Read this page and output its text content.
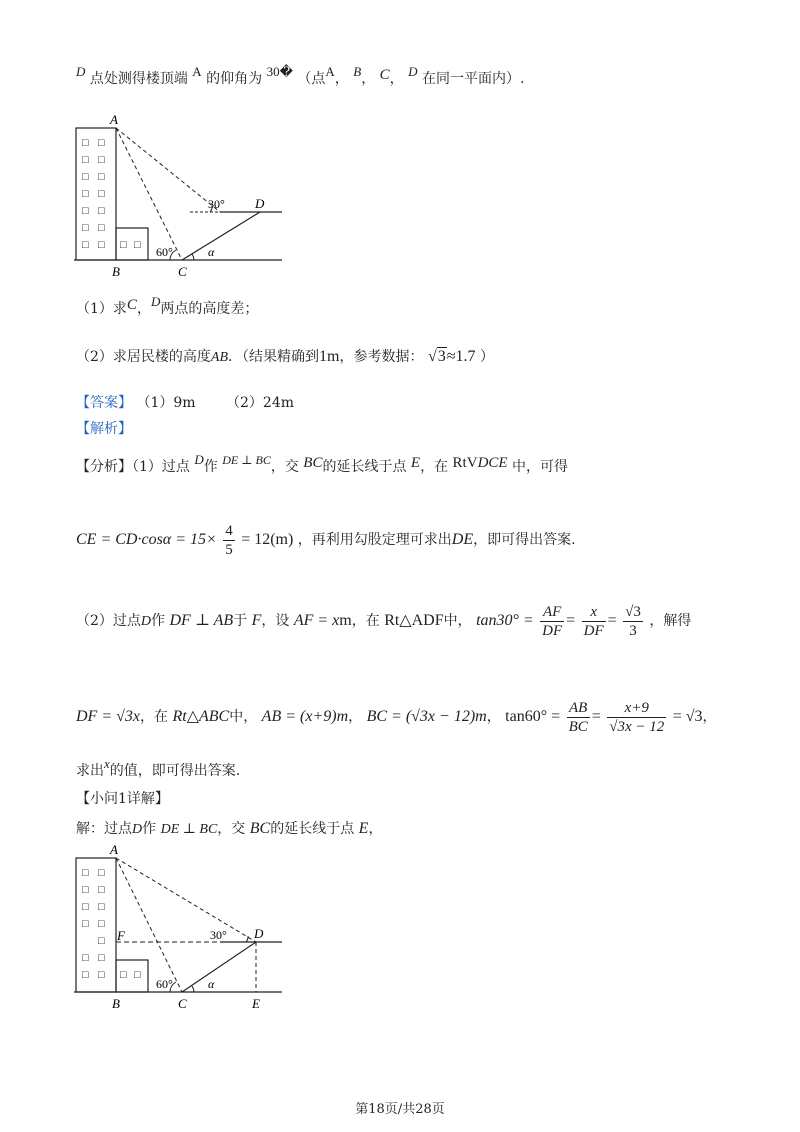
D 点处测得楼顶端 A 的仰角为 30� （点A， B， C， D 在同一平面内）.
□ □
□ □
□ □
□ □
□ □
□ □
□ □ □ □
A
B	C
D
30°
60°	α
（1）求C，D两点的高度差；
（2）求居民楼的高度AB．（结果精确到1m，参考数据： √3≈1.7 ）
【答案】 （1）9m （2）24m
【解析】
【分析】（1）过点 D作 DE ⊥ BC，交 BC的延长线于点 E，在 RtVDCE 中，可得
CE = $CD\cdot\cos\alpha = 15\times \frac{4}{5} = 12(m)$ ，再利用勾股定理可求出DE，即可得出答案.
（2）过点D作 DF ⊥ AB于 F，设 AF = xm，在 Rt△ADF中， $\tan 30^\circ = \frac{AF}{DF} = \frac{x}{DF} = \frac{√3}{3}$ ，解得
DF = √3x，在 Rt△ABC中， AB = (x+9)m， BC = (√3x − 12)m， $\tan 60^\circ = \frac{AB}{BC} = \frac{x+9}{√3x - 12} = √3$，
求出x的值，即可得出答案.
【小问1详解】
解：过点D作 DE ⊥ BC，交 BC的延长线于点 E，
□ □
□ □
□ □
□ □
□
□ □
□ □ □ □
A
B	C
D
E
F	30°
60°	α
第18页/共28页
